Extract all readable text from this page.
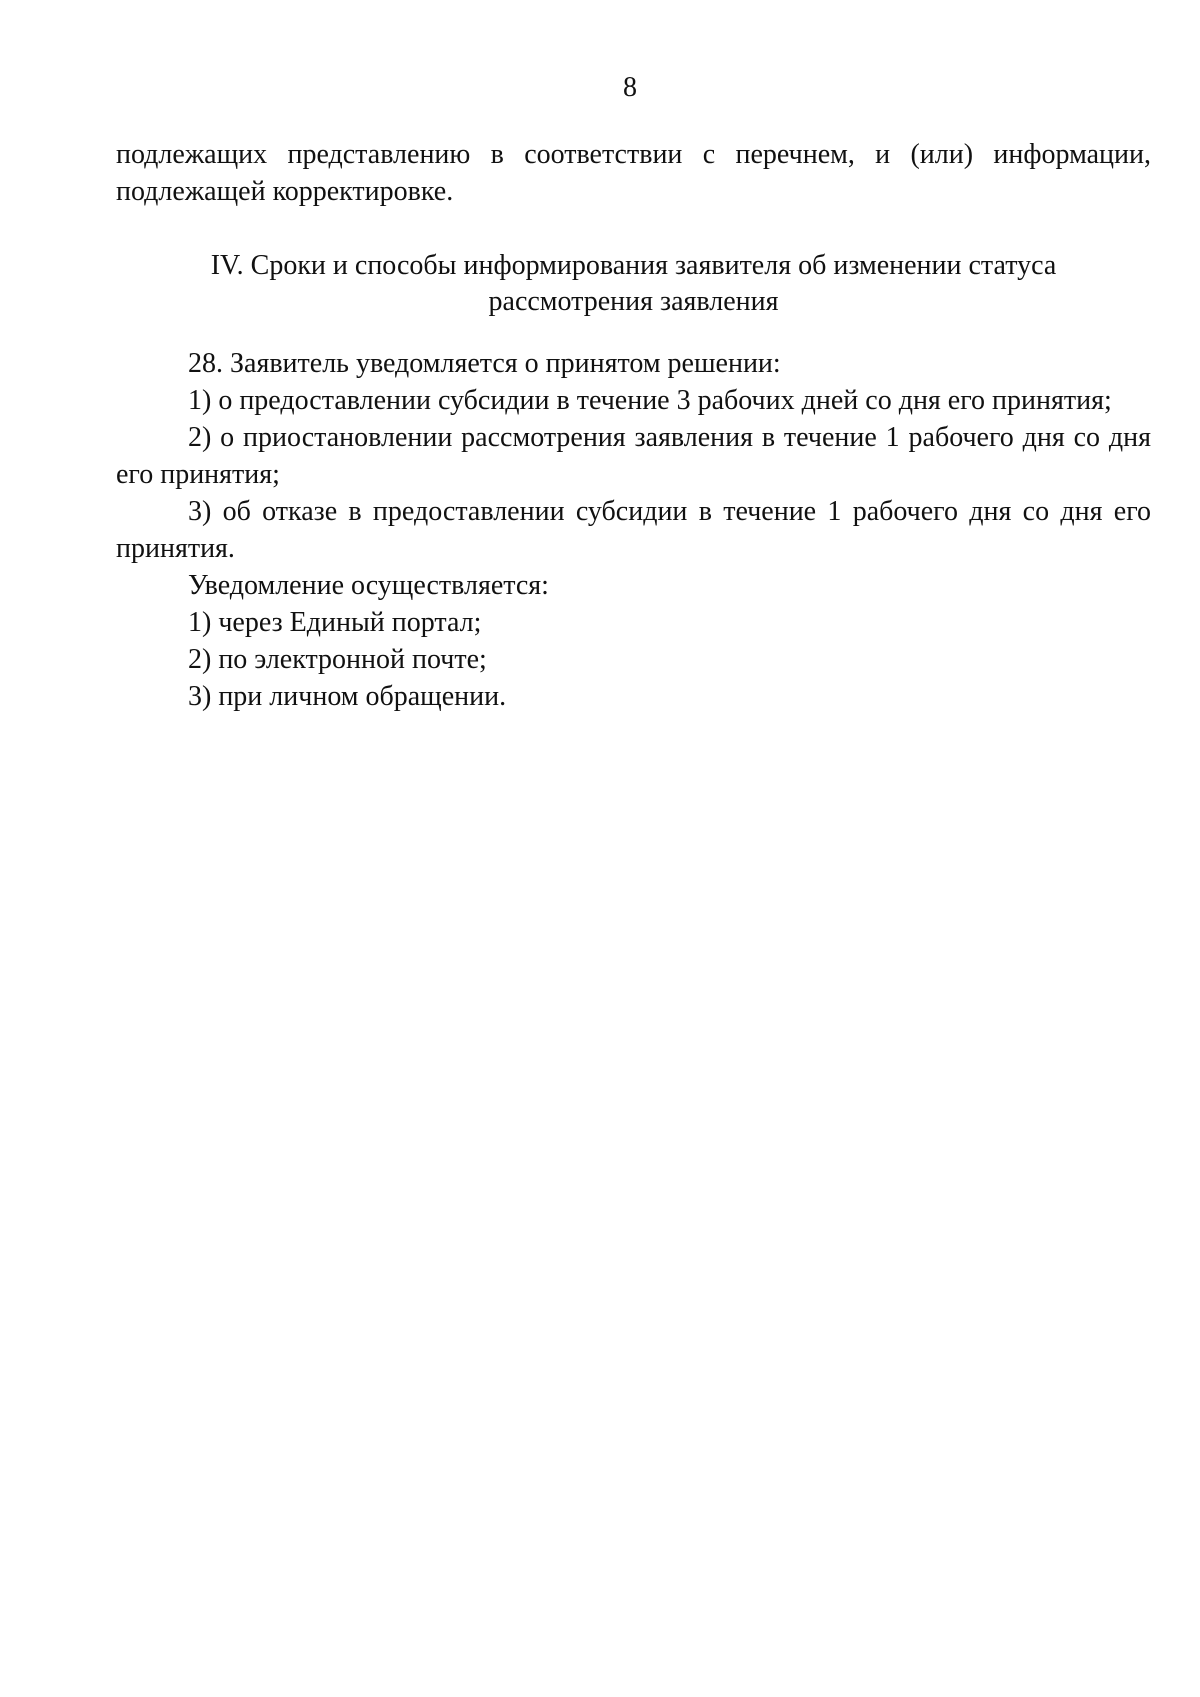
8
подлежащих представлению в соответствии с перечнем, и (или) информации, подлежащей корректировке.
IV. Сроки и способы информирования заявителя об изменении статуса
рассмотрения заявления

28. Заявитель уведомляется о принятом решении:

1) о предоставлении субсидии в течение 3 рабочих дней со дня его принятия;

2) о приостановлении рассмотрения заявления в течение 1 рабочего дня со дня его принятия;

3) об отказе в предоставлении субсидии в течение 1 рабочего дня со дня его принятия.

Уведомление осуществляется:

1) через Единый портал;

2) по электронной почте;

3) при личном обращении.
